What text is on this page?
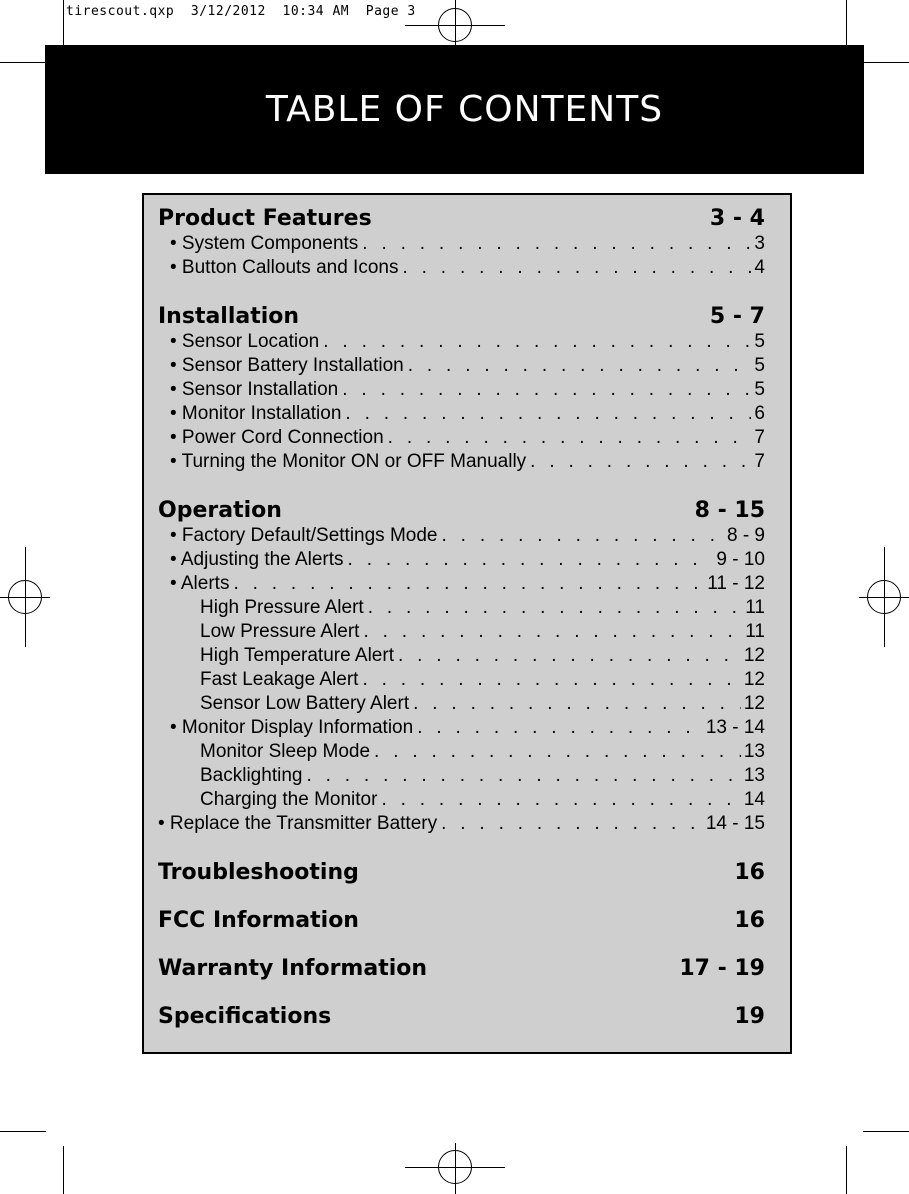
tirescout.qxp  3/12/2012  10:34 AM  Page 3
TABLE OF CONTENTS
Product Features	3 - 4
• System Components . . .	3
• Button Callouts and Icons . . .	4
Installation	5 - 7
• Sensor Location . . .	5
• Sensor Battery Installation . . .	5
• Sensor Installation . . .	5
• Monitor Installation . . .	6
• Power Cord Connection . . .	7
• Turning the Monitor ON or OFF Manually . . .	7
Operation	8 - 15
• Factory Default/Settings Mode . . .	8 - 9
• Adjusting the Alerts . . .	9 - 10
• Alerts . . .	11 - 12
High Pressure Alert . . .	11
Low Pressure Alert . . .	11
High Temperature Alert . . .	12
Fast Leakage Alert . . .	12
Sensor Low Battery Alert . . .	12
• Monitor Display Information . . .	13 - 14
Monitor Sleep Mode . . .	13
Backlighting . . .	13
Charging the Monitor . . .	14
• Replace the Transmitter Battery . . .	14 - 15
Troubleshooting	16
FCC Information	16
Warranty Information	17 - 19
Specifications	19
